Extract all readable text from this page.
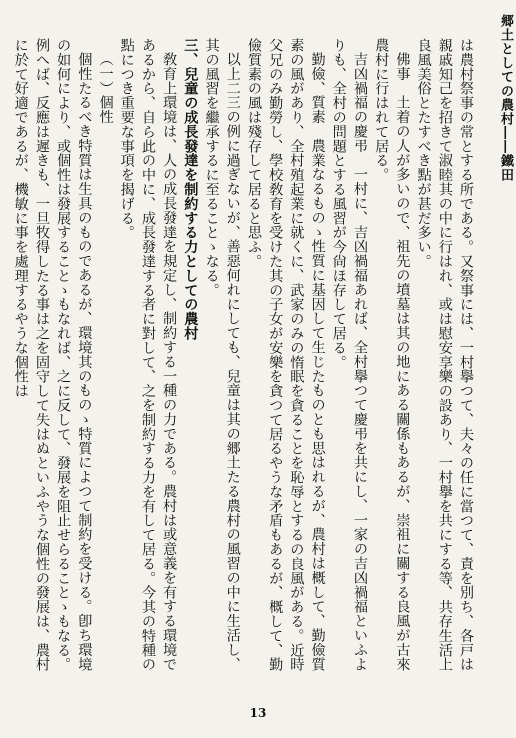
郷土としての農村――鐵田

は農村祭事の常とする所である。又祭事には、一村擧つて、夫々の任に當つて、責を別ち、各戸は親戚知己を招きて淑睦其の中に行はれ、或は慰安享樂の設あり、一村擧を共にする等、共存生活上良風美俗とたすべき點が甚だ多い。

佛事　土着の人が多いので、祖先の墳墓は其の地にある關係もあるが、崇祖に關する良風が古來農村に行はれて居る。

吉凶禍福の慶弔　一村に、吉凶禍福あれば、全村擧つて慶弔を共にし、一家の吉凶禍福といふよりも、全村の問題とする風習が今尙ほ存して居る。

勤儉、質素　農業なるものゝ性質に基因して生じたものとも思はれるが、農村は概して、勤儉質素の風があり、全村殖起業に就くに、武家のみの惰眠を貪ることを恥辱とするの良風がある。近時父兄のみ勤勞し、學校敎育を受けた其の子女が安樂を貪つて居るやうな矛盾もあるが、概して、勤儉質素の風は殘存して居ると思ふ。

以上二三の例に過ぎないが、善惡何れにしても、兒童は其の郷土たる農村の風習の中に生活し、其の風習を繼承するに至ることゝなる。

三、兒童の成長發達を制約する力としての農村

敎育上環境は、人の成長發達を規定し、制約する一種の力である。農村は或意義を有する環境であるから、自ら此の中に、成長發達する者に對して、之を制約する力を有して居る。今其の特種の點につき重要な事項を揭げる。

（一）個性

個性たるべき特質は生具のものであるが、環境其のものゝ特質によつて制約を受ける。卽ち環境の如何により、或個性は發展することゝもなれば、之に反して、發展を阻止せらることゝもなる。例へば、反應は遲きも、一旦牧得したる事は之を固守して失はぬといふやうな個性の發展は、農村に於て好適であるが、機敏に事を處理するやうな個性は

13
